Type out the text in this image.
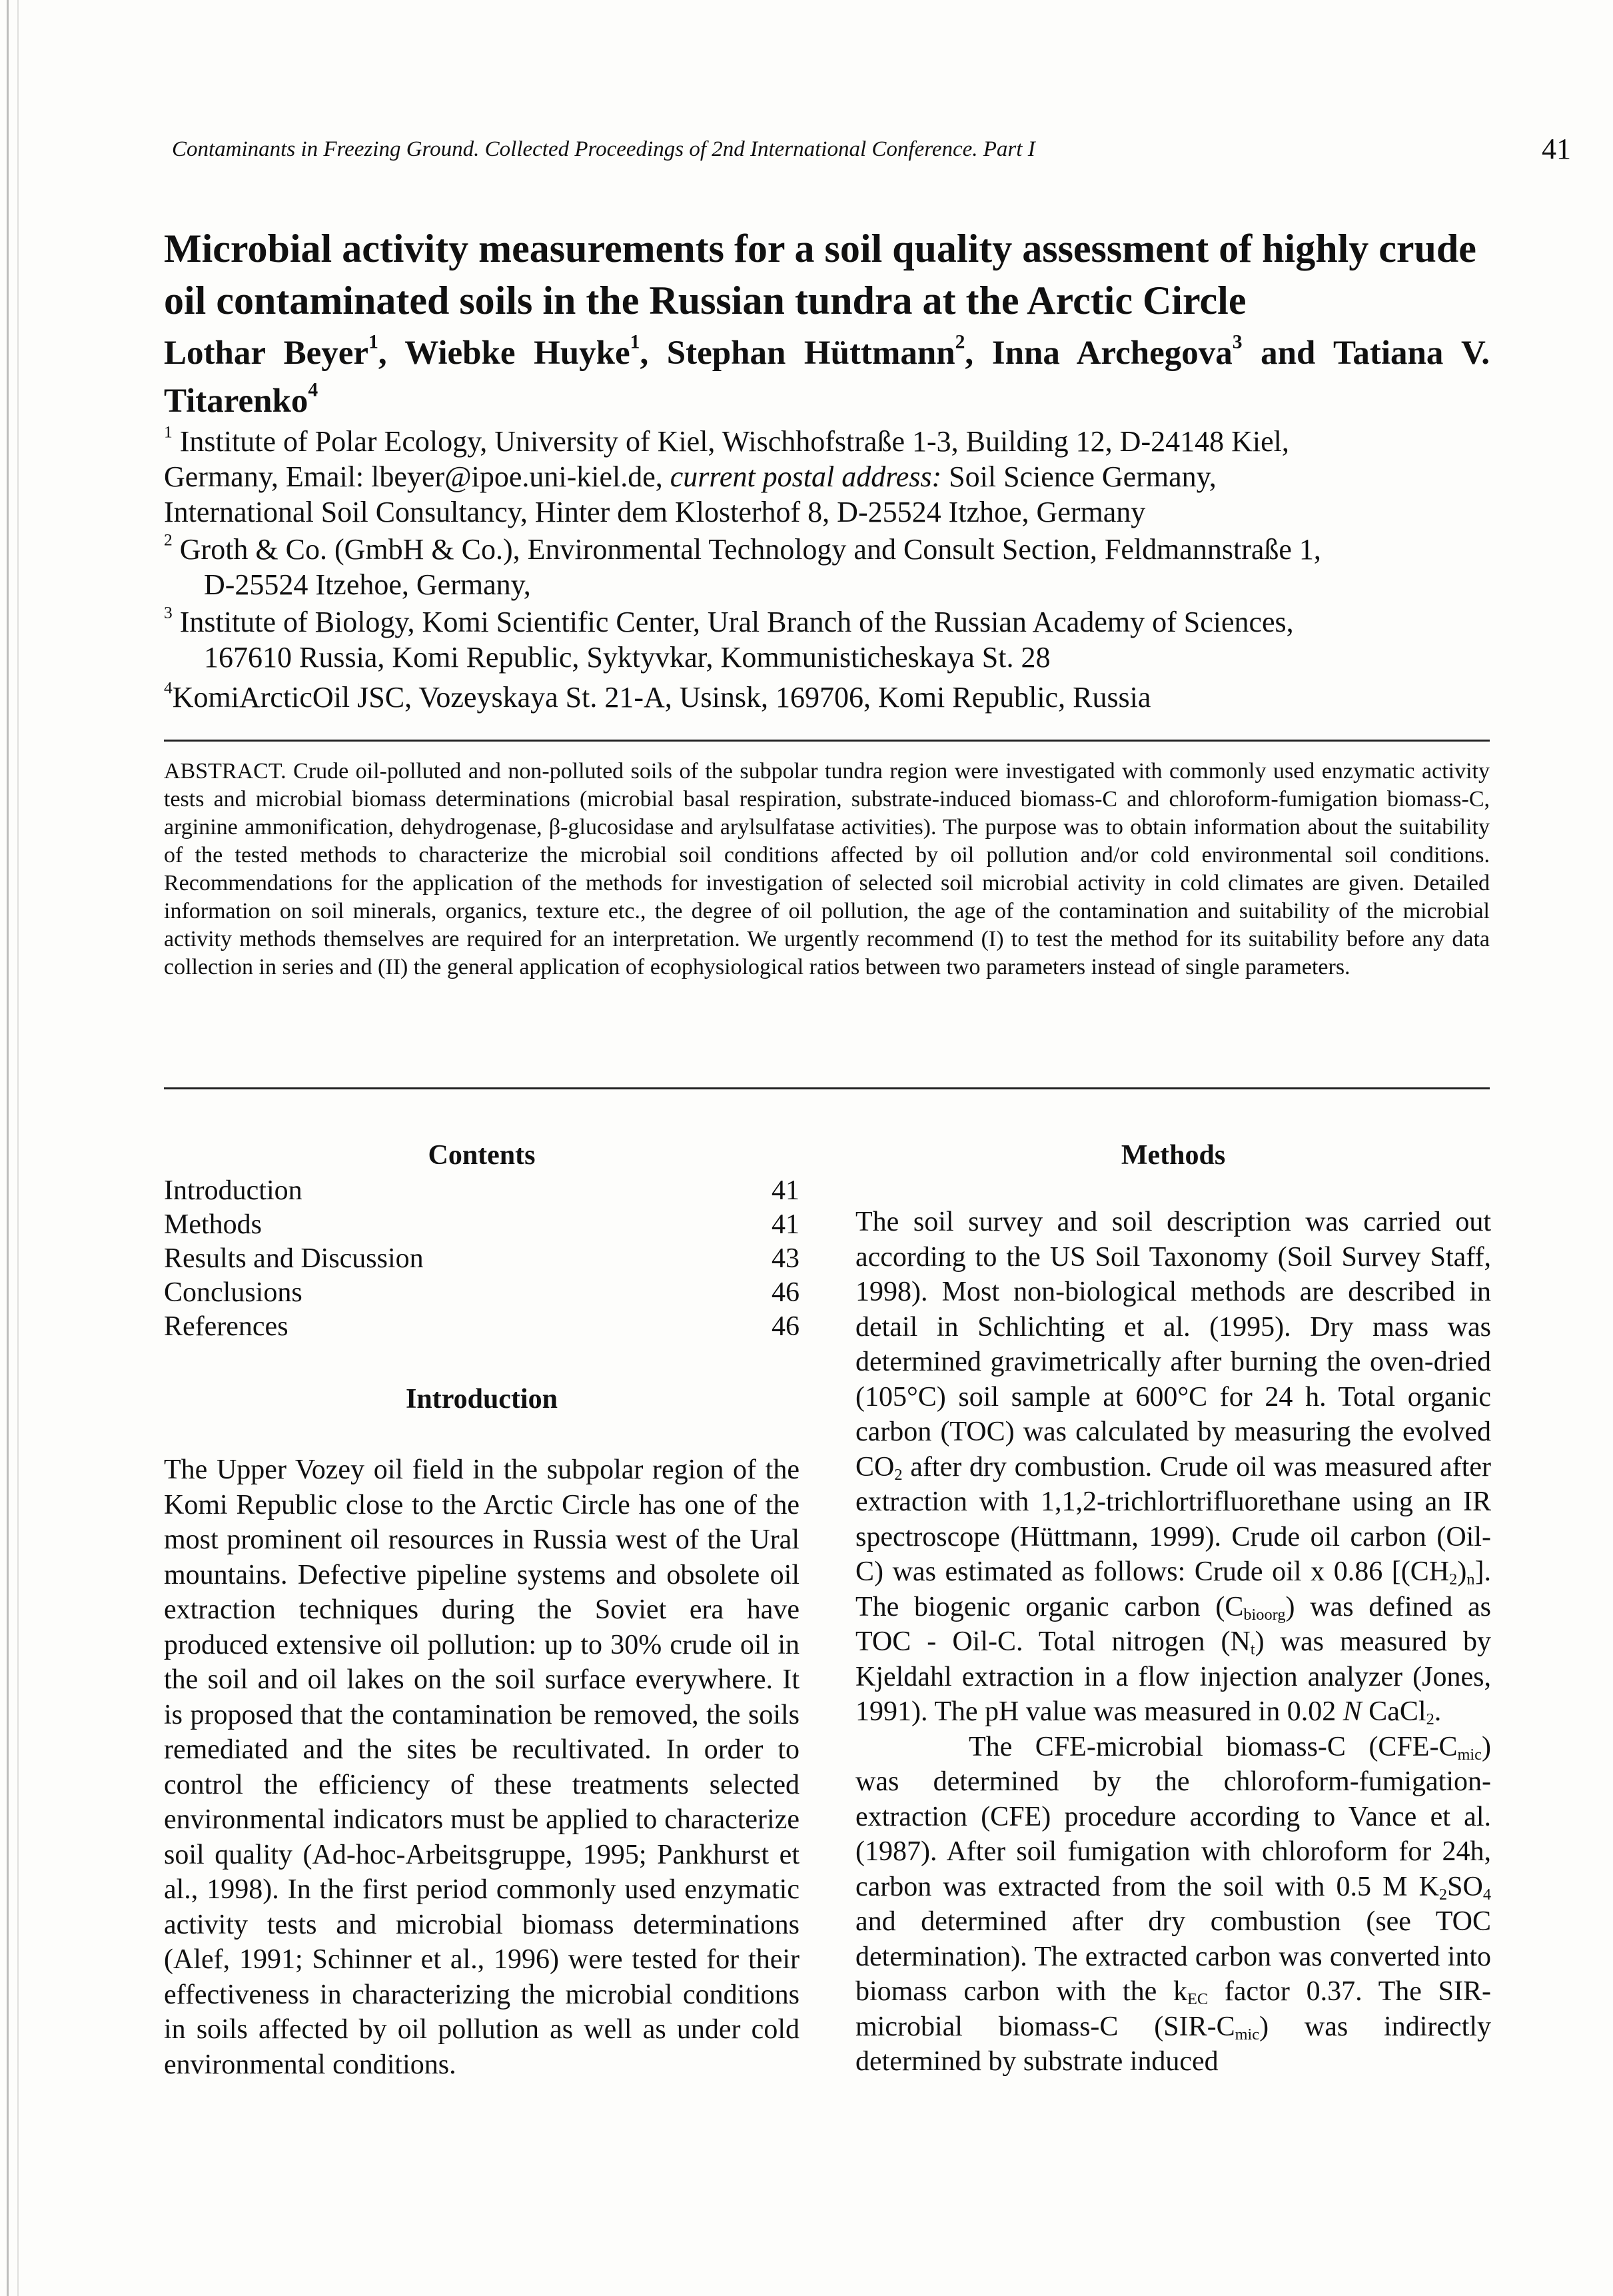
Contaminants in Freezing Ground. Collected Proceedings of 2nd International Conference. Part I	41
Microbial activity measurements for a soil quality assessment of highly crude oil contaminated soils in the Russian tundra at the Arctic Circle
Lothar Beyer$^1$, Wiebke Huyke$^1$, Stephan Hüttmann$^2$, Inna Archegova$^3$ and Tatiana V. Titarenko$^4$
$^1$ Institute of Polar Ecology, University of Kiel, Wischhofstraße 1-3, Building 12, D-24148 Kiel,
Germany, Email: lbeyer@ipoe.uni-kiel.de, current postal address: Soil Science Germany,
International Soil Consultancy, Hinter dem Klosterhof 8, D-25524 Itzhoe, Germany
$^2$ Groth & Co. (GmbH & Co.), Environmental Technology and Consult Section, Feldmannstraße 1,
D-25524 Itzehoe, Germany,
$^3$ Institute of Biology, Komi Scientific Center, Ural Branch of the Russian Academy of Sciences,
167610 Russia, Komi Republic, Syktyvkar, Kommunisticheskaya St. 28
$^4$KomiArcticOil JSC, Vozeyskaya St. 21-A, Usinsk, 169706, Komi Republic, Russia
ABSTRACT. Crude oil-polluted and non-polluted soils of the subpolar tundra region were investigated with commonly used enzymatic activity tests and microbial biomass determinations (microbial basal respiration, substrate-induced biomass-C and chloroform-fumigation biomass-C, arginine ammonification, dehydrogenase, β-glucosidase and arylsulfatase activities). The purpose was to obtain information about the suitability of the tested methods to characterize the microbial soil conditions affected by oil pollution and/or cold environmental soil conditions. Recommendations for the application of the methods for investigation of selected soil microbial activity in cold climates are given. Detailed information on soil minerals, organics, texture etc., the degree of oil pollution, the age of the contamination and suitability of the microbial activity methods themselves are required for an interpretation. We urgently recommend (I) to test the method for its suitability before any data collection in series and (II) the general application of ecophysiological ratios between two parameters instead of single parameters.
Contents
Introduction	41
Methods	41
Results and Discussion	43
Conclusions	46
References	46
Introduction
The Upper Vozey oil field in the subpolar region of the Komi Republic close to the Arctic Circle has one of the most prominent oil resources in Russia west of the Ural mountains. Defective pipeline systems and obsolete oil extraction techniques during the Soviet era have produced extensive oil pollution: up to 30% crude oil in the soil and oil lakes on the soil surface everywhere. It is proposed that the contamination be removed, the soils remediated and the sites be recultivated. In order to control the efficiency of these treatments selected environmental indicators must be applied to characterize soil quality (Ad-hoc-Arbeitsgruppe, 1995; Pankhurst et al., 1998). In the first period commonly used enzymatic activity tests and microbial biomass determinations (Alef, 1991; Schinner et al., 1996) were tested for their effectiveness in characterizing the microbial conditions in soils affected by oil pollution as well as under cold environmental conditions.
Methods

The soil survey and soil description was carried out according to the US Soil Taxonomy (Soil Survey Staff, 1998). Most non-biological methods are described in detail in Schlichting et al. (1995). Dry mass was determined gravimetrically after burning the oven-dried (105°C) soil sample at 600°C for 24 h. Total organic carbon (TOC) was calculated by measuring the evolved $CO_2$ after dry combustion. Crude oil was measured after extraction with 1,1,2-trichlortrifluorethane using an IR spectroscope (Hüttmann, 1999). Crude oil carbon (Oil-C) was estimated as follows: Crude oil x 0.86 $[(CH_2)_n]$. The biogenic organic carbon $(C_{bioorg})$ was defined as TOC - Oil-C. Total nitrogen $(N_t)$ was measured by Kjeldahl extraction in a flow injection analyzer (Jones, 1991). The pH value was measured in 0.02 N CaCl$_2$.

The CFE-microbial biomass-C $(CFE-C_{mic})$ was determined by the chloroform-fumigation-extraction (CFE) procedure according to Vance et al. (1987). After soil fumigation with chloroform for 24h, carbon was extracted from the soil with 0.5 M $K_2SO_4$ and determined after dry combustion (see TOC determination). The extracted carbon was converted into biomass carbon with the $k_{EC}$ factor 0.37. The SIR-microbial biomass-C $(SIR-C_{mic})$ was indirectly determined by substrate induced
